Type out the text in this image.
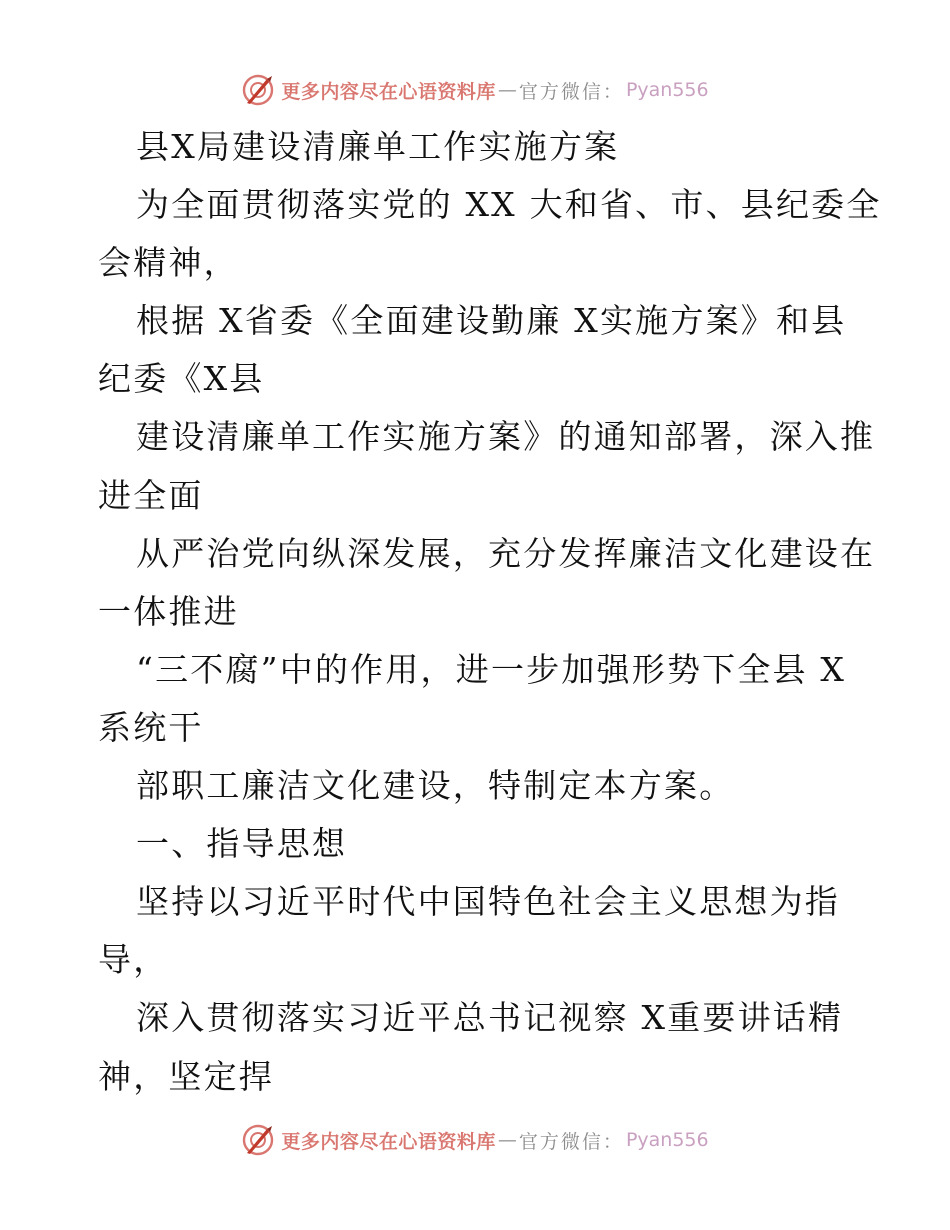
更多内容尽在心语资料库 — 官方微信： Pyan556
县X局建设清廉单工作实施方案
为全面贯彻落实党的 XX 大和省、市、县纪委全
会精神，
根据 X省委《全面建设勤廉 X实施方案》和县
纪委《X县
建设清廉单工作实施方案》的通知部署，深入推
进全面
从严治党向纵深发展，充分发挥廉洁文化建设在
一体推进
“三不腐”中的作用，进一步加强形势下全县 X
系统干
部职工廉洁文化建设，特制定本方案。
一、指导思想
坚持以习近平时代中国特色社会主义思想为指
导，
深入贯彻落实习近平总书记视察 X重要讲话精
神，坚定捍
更多内容尽在心语资料库 — 官方微信： Pyan556
